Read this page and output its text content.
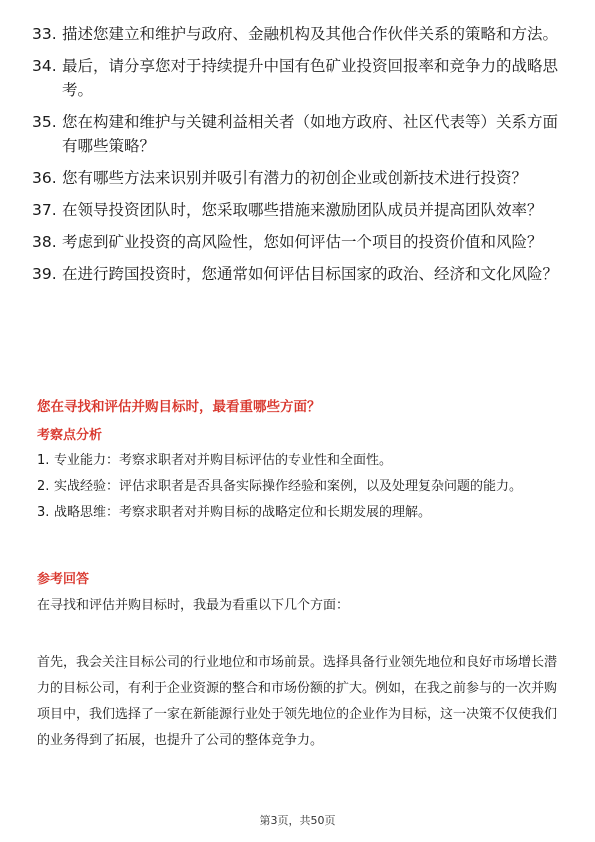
33. 描述您建立和维护与政府、金融机构及其他合作伙伴关系的策略和方法。
34. 最后，请分享您对于持续提升中国有色矿业投资回报率和竞争力的战略思考。
35. 您在构建和维护与关键利益相关者（如地方政府、社区代表等）关系方面有哪些策略？
36. 您有哪些方法来识别并吸引有潜力的初创企业或创新技术进行投资？
37. 在领导投资团队时，您采取哪些措施来激励团队成员并提高团队效率？
38. 考虑到矿业投资的高风险性，您如何评估一个项目的投资价值和风险？
39. 在进行跨国投资时，您通常如何评估目标国家的政治、经济和文化风险？
您在寻找和评估并购目标时，最看重哪些方面？
考察点分析
1. 专业能力：考察求职者对并购目标评估的专业性和全面性。
2. 实战经验：评估求职者是否具备实际操作经验和案例，以及处理复杂问题的能力。
3. 战略思维：考察求职者对并购目标的战略定位和长期发展的理解。
参考回答
在寻找和评估并购目标时，我最为看重以下几个方面：
首先，我会关注目标公司的行业地位和市场前景。选择具备行业领先地位和良好市场增长潜力的目标公司，有利于企业资源的整合和市场份额的扩大。例如，在我之前参与的一次并购项目中，我们选择了一家在新能源行业处于领先地位的企业作为目标，这一决策不仅使我们的业务得到了拓展，也提升了公司的整体竞争力。
第3页，共50页
